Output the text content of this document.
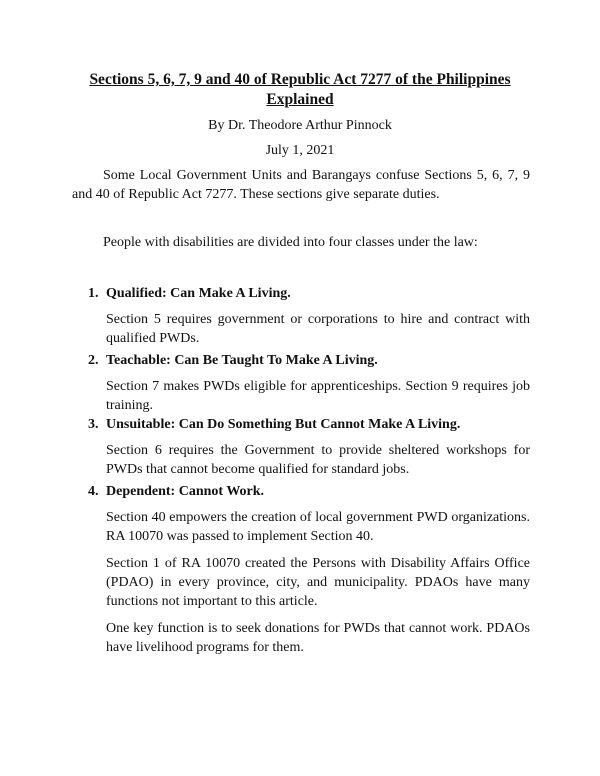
Sections 5, 6, 7, 9 and 40 of Republic Act 7277 of the Philippines Explained
By Dr. Theodore Arthur Pinnock
July 1, 2021
Some Local Government Units and Barangays confuse Sections 5, 6, 7, 9 and 40 of Republic Act 7277. These sections give separate duties.
People with disabilities are divided into four classes under the law:
1. Qualified: Can Make A Living.

Section 5 requires government or corporations to hire and contract with qualified PWDs.

2. Teachable: Can Be Taught To Make A Living.

Section 7 makes PWDs eligible for apprenticeships. Section 9 requires job training.

3. Unsuitable: Can Do Something But Cannot Make A Living.

Section 6 requires the Government to provide sheltered workshops for PWDs that cannot become qualified for standard jobs.

4. Dependent: Cannot Work.

Section 40 empowers the creation of local government PWD organizations. RA 10070 was passed to implement Section 40.

Section 1 of RA 10070 created the Persons with Disability Affairs Office (PDAO) in every province, city, and municipality. PDAOs have many functions not important to this article.

One key function is to seek donations for PWDs that cannot work. PDAOs have livelihood programs for them.
